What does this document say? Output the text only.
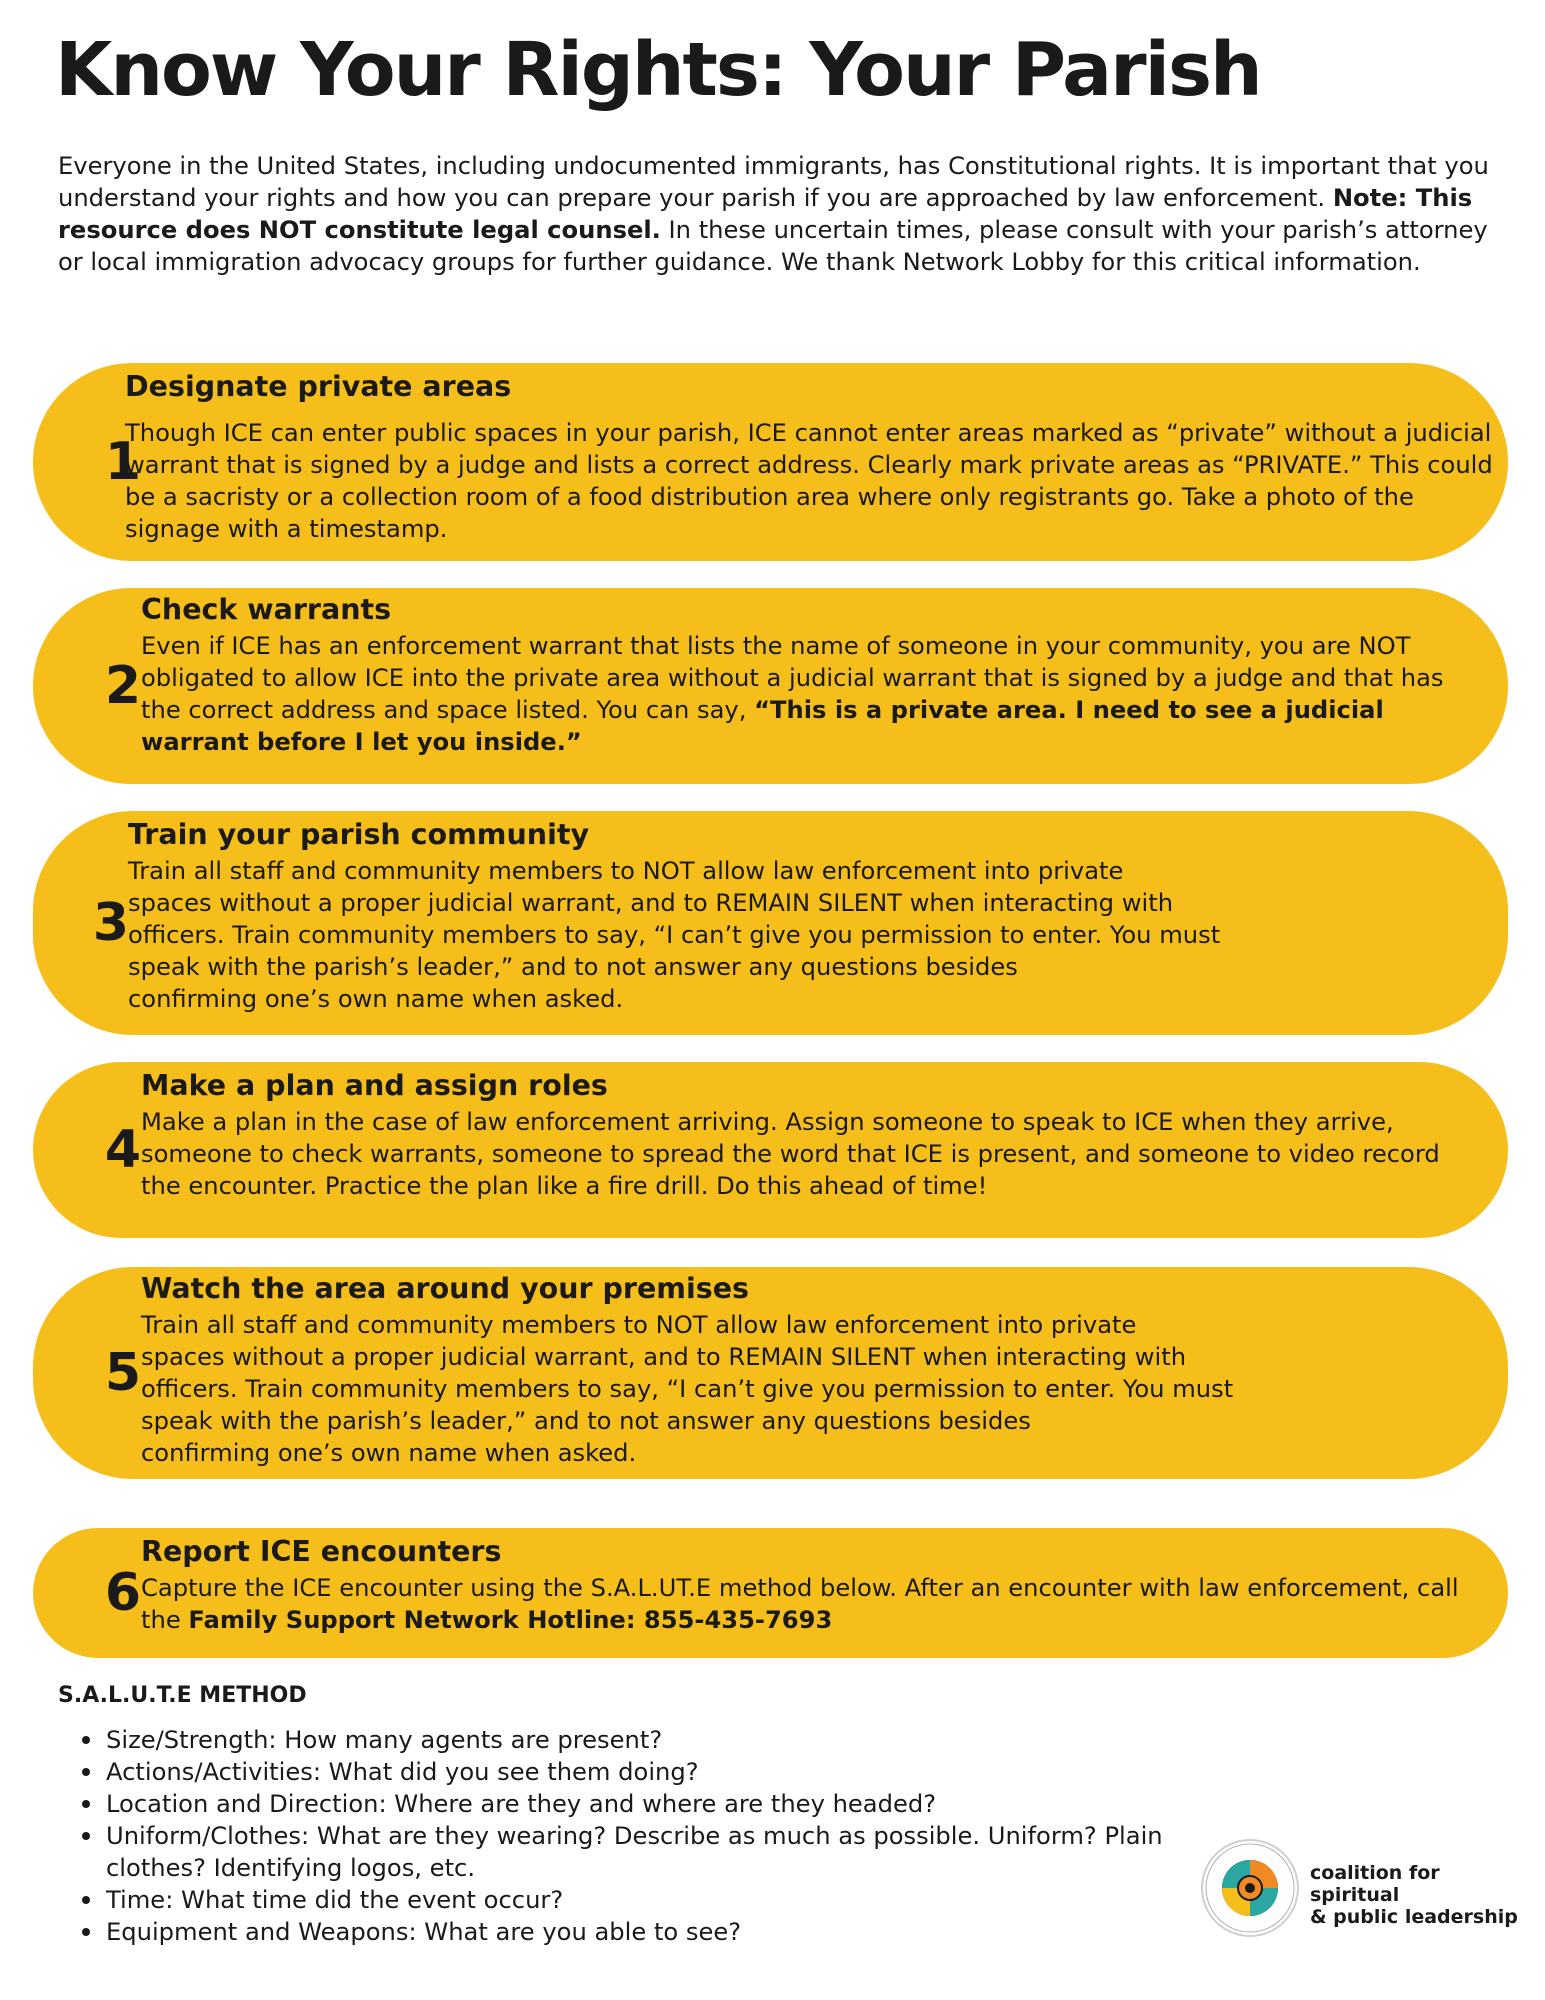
Know Your Rights: Your Parish

Everyone in the United States, including undocumented immigrants, has Constitutional rights. It is important that you understand your rights and how you can prepare your parish if you are approached by law enforcement. Note: This resource does NOT constitute legal counsel. In these uncertain times, please consult with your parish’s attorney or local immigration advocacy groups for further guidance. We thank Network Lobby for this critical information.

1
Designate private areas

Though ICE can enter public spaces in your parish, ICE cannot enter areas marked as “private” without a judicial warrant that is signed by a judge and lists a correct address. Clearly mark private areas as “PRIVATE.” This could be a sacristy or a collection room of a food distribution area where only registrants go. Take a photo of the signage with a timestamp.

2
Check warrants

Even if ICE has an enforcement warrant that lists the name of someone in your community, you are NOT obligated to allow ICE into the private area without a judicial warrant that is signed by a judge and that has the correct address and space listed. You can say, “This is a private area. I need to see a judicial warrant before I let you inside.”

3
Train your parish community

Train all staff and community members to NOT allow law enforcement into private
spaces without a proper judicial warrant, and to REMAIN SILENT when interacting with
officers. Train community members to say, “I can’t give you permission to enter. You must
speak with the parish’s leader,” and to not answer any questions besides
confirming one’s own name when asked.

4
Make a plan and assign roles

Make a plan in the case of law enforcement arriving. Assign someone to speak to ICE when they arrive, someone to check warrants, someone to spread the word that ICE is present, and someone to video record the encounter. Practice the plan like a fire drill. Do this ahead of time!

5
Watch the area around your premises

Train all staff and community members to NOT allow law enforcement into private
spaces without a proper judicial warrant, and to REMAIN SILENT when interacting with
officers. Train community members to say, “I can’t give you permission to enter. You must
speak with the parish’s leader,” and to not answer any questions besides
confirming one’s own name when asked.

6
Report ICE encounters

Capture the ICE encounter using the S.A.L.UT.E method below. After an encounter with law enforcement, call the Family Support Network Hotline: 855-435-7693

S.A.L.U.T.E METHOD
Size/Strength: How many agents are present?
Actions/Activities: What did you see them doing?
Location and Direction: Where are they and where are they headed?
Uniform/Clothes: What are they wearing? Describe as much as possible. Uniform? Plain clothes? Identifying logos, etc.
Time: What time did the event occur?
Equipment and Weapons: What are you able to see?
coalition for spiritual
& public leadership
